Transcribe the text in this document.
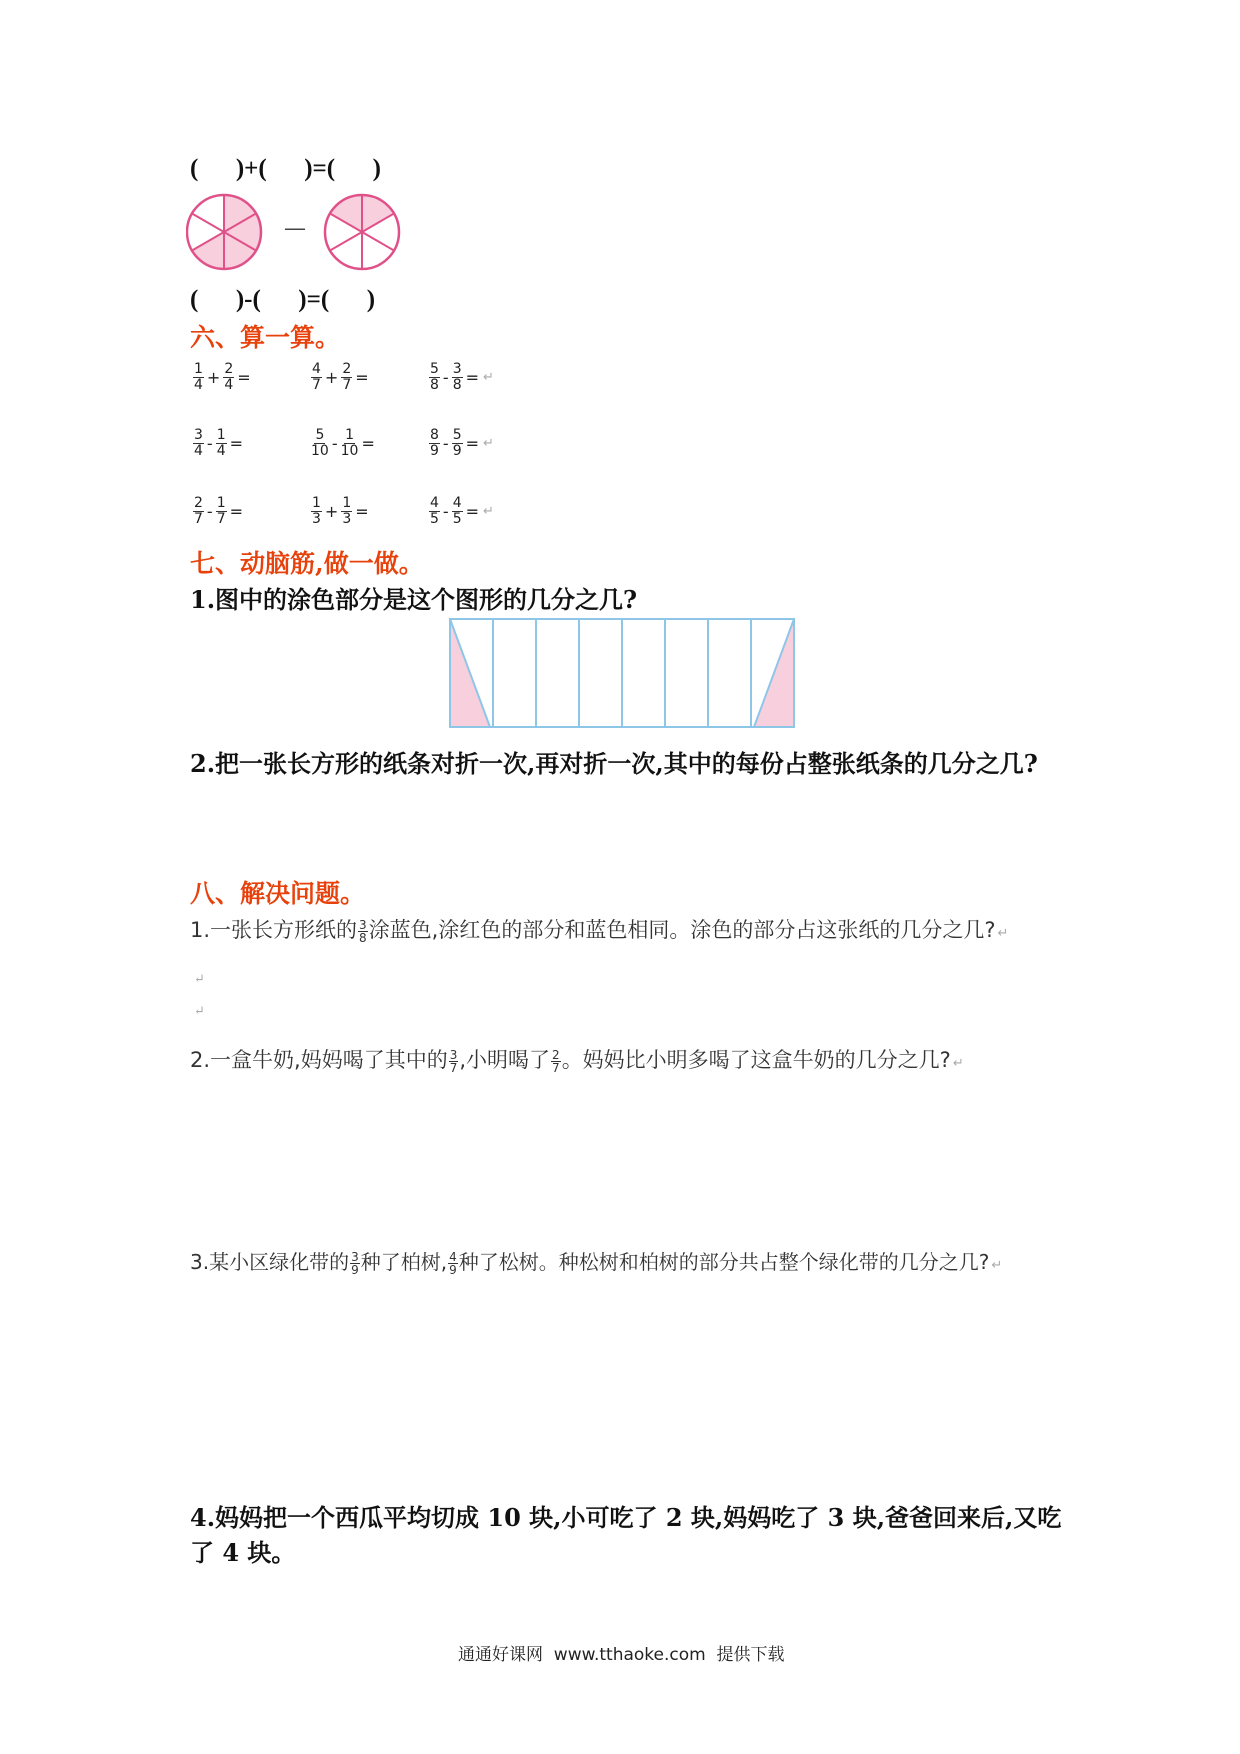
(      )+(      )=(      )
—
(      )-(      )=(      )
六、算一算。
$\frac{1}{4} + \frac{2}{4}$ =	$\frac{4}{7} + \frac{2}{7}$ =	$\frac{5}{8} - \frac{3}{8}$ = ↵
$\frac{3}{4} - \frac{1}{4}$ =	$\frac{5}{10} - \frac{1}{10}$ =	$\frac{8}{9} - \frac{5}{9}$ = ↵
$\frac{2}{7} - \frac{1}{7}$ =	$\frac{1}{3} + \frac{1}{3}$ =	$\frac{4}{5} - \frac{4}{5}$ = ↵
七、动脑筋,做一做。
1.图中的涂色部分是这个图形的几分之几?
2.把一张长方形的纸条对折一次,再对折一次,其中的每份占整张纸条的几分之几?
八、解决问题。
1.一张长方形纸的 $\frac{3}{8}$ 涂蓝色,涂红色的部分和蓝色相同。涂色的部分占这张纸的几分之几? ↵
↵
↵
2.一盒牛奶,妈妈喝了其中的 $\frac{3}{7}$ ,小明喝了 $\frac{2}{7}$ 。妈妈比小明多喝了这盒牛奶的几分之几? ↵
3.某小区绿化带的 $\frac{3}{9}$ 种了柏树, $\frac{4}{9}$ 种了松树。种松树和柏树的部分共占整个绿化带的几分之几? ↵
4.妈妈把一个西瓜平均切成 10 块,小可吃了 2 块,妈妈吃了 3 块,爸爸回来后,又吃
了 4 块。
通通好课网  www.tthaoke.com  提供下载
